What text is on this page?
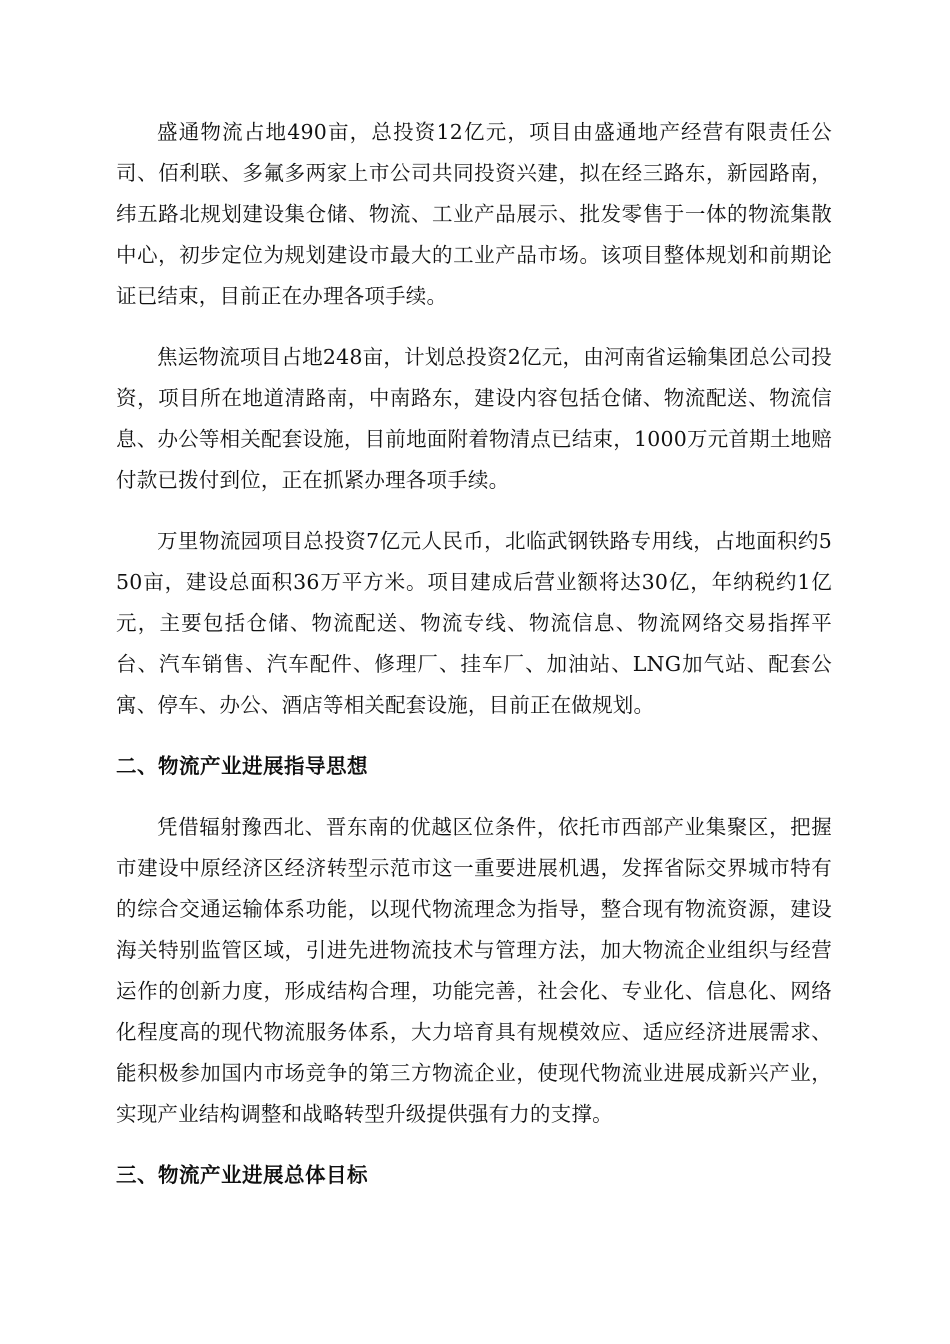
盛通物流占地490亩，总投资12亿元，项目由盛通地产经营有限责任公司、佰利联、多氟多两家上市公司共同投资兴建，拟在经三路东，新园路南，纬五路北规划建设集仓储、物流、工业产品展示、批发零售于一体的物流集散中心，初步定位为规划建设市最大的工业产品市场。该项目整体规划和前期论证已结束，目前正在办理各项手续。

焦运物流项目占地248亩，计划总投资2亿元，由河南省运输集团总公司投资，项目所在地道清路南，中南路东，建设内容包括仓储、物流配送、物流信息、办公等相关配套设施，目前地面附着物清点已结束，1000万元首期土地赔付款已拨付到位，正在抓紧办理各项手续。

万里物流园项目总投资7亿元人民币，北临武钢铁路专用线，占地面积约550亩，建设总面积36万平方米。项目建成后营业额将达30亿，年纳税约1亿元，主要包括仓储、物流配送、物流专线、物流信息、物流网络交易指挥平台、汽车销售、汽车配件、修理厂、挂车厂、加油站、LNG加气站、配套公寓、停车、办公、酒店等相关配套设施，目前正在做规划。

二、物流产业进展指导思想

凭借辐射豫西北、晋东南的优越区位条件，依托市西部产业集聚区，把握市建设中原经济区经济转型示范市这一重要进展机遇，发挥省际交界城市特有的综合交通运输体系功能，以现代物流理念为指导，整合现有物流资源，建设海关特别监管区域，引进先进物流技术与管理方法，加大物流企业组织与经营运作的创新力度，形成结构合理，功能完善，社会化、专业化、信息化、网络化程度高的现代物流服务体系，大力培育具有规模效应、适应经济进展需求、能积极参加国内市场竞争的第三方物流企业，使现代物流业进展成新兴产业，实现产业结构调整和战略转型升级提供强有力的支撑。

三、物流产业进展总体目标
